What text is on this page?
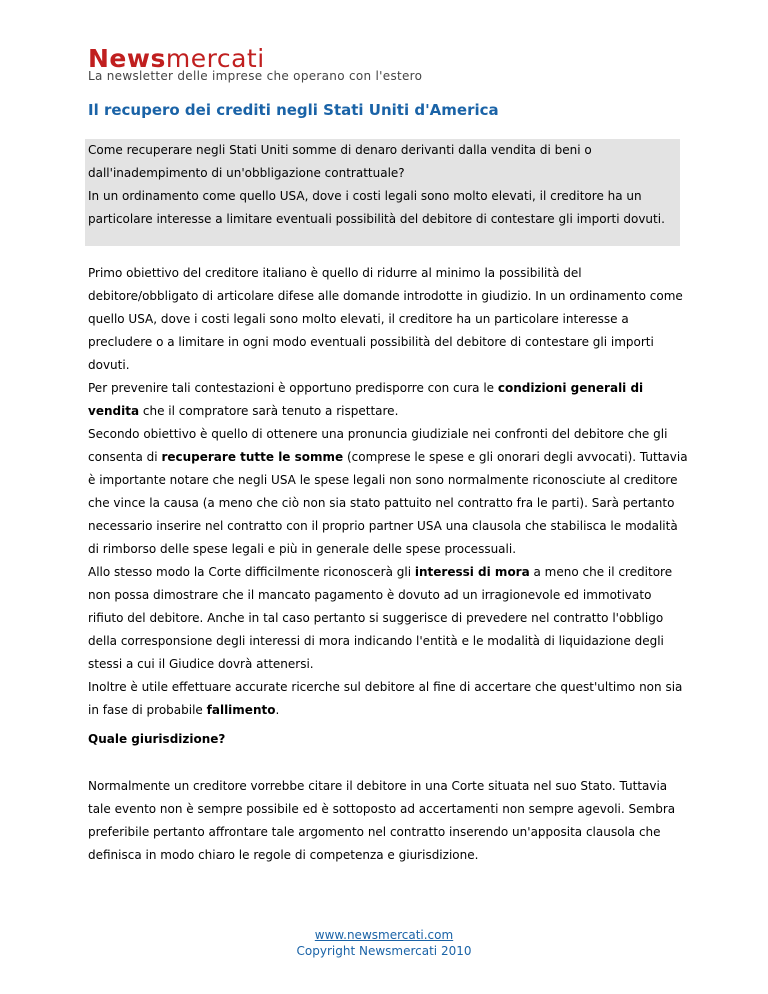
Newsmercati
La newsletter delle imprese che operano con l'estero
Il recupero dei crediti negli Stati Uniti d'America
Come recuperare negli Stati Uniti somme di denaro derivanti dalla vendita di beni o dall'inadempimento di un'obbligazione contrattuale?
In un ordinamento come quello USA, dove i costi legali sono molto elevati, il creditore ha un particolare interesse a limitare eventuali possibilità del debitore di contestare gli importi dovuti.

Primo obiettivo del creditore italiano è quello di ridurre al minimo la possibilità del debitore/obbligato di articolare difese alle domande introdotte in giudizio. In un ordinamento come quello USA, dove i costi legali sono molto elevati, il creditore ha un particolare interesse a precludere o a limitare in ogni modo eventuali possibilità del debitore di contestare gli importi dovuti.

Per prevenire tali contestazioni è opportuno predisporre con cura le condizioni generali di vendita che il compratore sarà tenuto a rispettare.

Secondo obiettivo è quello di ottenere una pronuncia giudiziale nei confronti del debitore che gli consenta di recuperare tutte le somme (comprese le spese e gli onorari degli avvocati). Tuttavia è importante notare che negli USA le spese legali non sono normalmente riconosciute al creditore che vince la causa (a meno che ciò non sia stato pattuito nel contratto fra le parti). Sarà pertanto necessario inserire nel contratto con il proprio partner USA una clausola che stabilisca le modalità di rimborso delle spese legali e più in generale delle spese processuali.

Allo stesso modo la Corte difficilmente riconoscerà gli interessi di mora a meno che il creditore non possa dimostrare che il mancato pagamento è dovuto ad un irragionevole ed immotivato rifiuto del debitore. Anche in tal caso pertanto si suggerisce di prevedere nel contratto l'obbligo della corresponsione degli interessi di mora indicando l'entità e le modalità di liquidazione degli stessi a cui il Giudice dovrà attenersi.

Inoltre è utile effettuare accurate ricerche sul debitore al fine di accertare che quest'ultimo non sia in fase di probabile fallimento.

Quale giurisdizione?

Normalmente un creditore vorrebbe citare il debitore in una Corte situata nel suo Stato. Tuttavia tale evento non è sempre possibile ed è sottoposto ad accertamenti non sempre agevoli. Sembra preferibile pertanto affrontare tale argomento nel contratto inserendo un'apposita clausola che definisca in modo chiaro le regole di competenza e giurisdizione.

www.newsmercati.com
Copyright Newsmercati 2010
